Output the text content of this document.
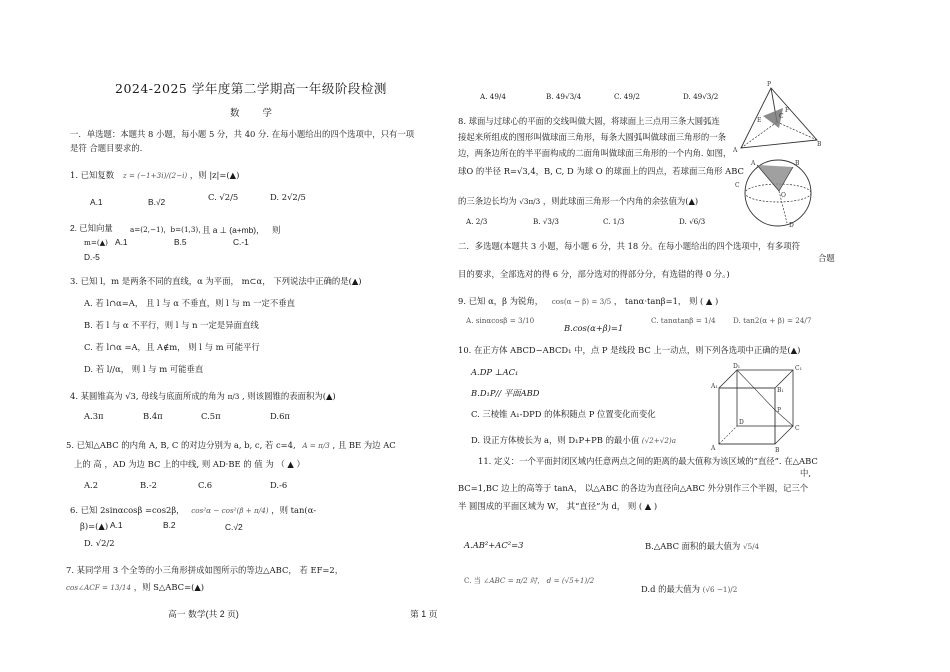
2024-2025 学年度第二学期高一年级阶段检测
数 学
一．单选题：本题共 8 小题，每小题 5 分，共 40 分. 在每小题给出的四个选项中，只有一项
是符 合题目要求的.
1. 已知复数 z = (−1+3i)/(2−i) ，则 |z|=(▲)
A.1	B.√2	C. √2/5	D. 2√2/5
2. 已知向量 a=(2,−1)，b=(1,3)，
且 a ⊥ (a+mb)， 则
m=(▲) A.1	B.5	C.-1
D.-5
3. 已知 l，m 是两条不同的直线，α 为平面， m⊂α， 下列说法中正确的是(▲)
A. 若 l∩α=A， 且 l 与 α 不垂直，则 l 与 m 一定不垂直
B. 若 l 与 α 不平行，则 l 与 n 一定是异面直线
C. 若 l∩α =A，且 A∉m， 则 l 与 m 可能平行
D. 若 l//α， 则 l 与 m 可能垂直
4. 某圆锥高为 √3, 母线与底面所成的角为 π/3 , 则该圆锥的表面积为(▲)
A.3π	B.4π	C.5π	D.6π
5. 已知△ABC 的内角 A, B, C 的对边分别为 a, b, c, 若 c=4, A = π/3 , 且 BE 为边 AC
上的 高 ，AD 为边 BC 上的中线, 则 AD·BE 的 值 为 （ ▲ ）
A.2	B.-2	C.6	D.-6
6. 已知 2sinαcosβ =cos2β， cos²α − cos²(β + π/4) ，则 tan(α-
β)=(▲) A.1	B.2	C.√2
D. √2/2
7. 某同学用 3 个全等的小三角形拼成如图所示的等边△ABC， 若 EF=2，
cos∠ACF = 13/14 ，则 S△ABC=(▲)
高一 数学(共 2 页)
A. 49/4	B. 49√3/4	C. 49/2	D. 49√3/2
8. 球面与过球心的平面的交线叫做大圆，将球面上三点用三条大圆弧连
接起来所组成的图形叫做球面三角形，每条大圆弧叫做球面三角形的一条
边，两条边所在的半平面构成的二面角叫做球面三角形的一个内角. 如图，
球O 的半径 R=√3,4，B, C, D 为球 O 的球面上的四点，若球面三角形 ABC
的三条边长均为 √3π/3 ，则此球面三角形一个内角的余弦值为(▲)
A. 2/3	B. √3/3	C. 1/3	D. √6/3
二．多选题(本题共 3 小题，每小题 6 分，共 18 分。在每小题给出的四个选项中，有多项符
合题
目的要求，全部选对的得 6 分，部分选对的得部分分，有选错的得 0 分。)
9. 已知 α，β 为锐角， cos(α − β) = 3/5 ， tanα·tanβ=1， 则 ( ▲ )
A. sinαcosβ = 3/10
B.cos(α+β)=1
C. tanαtanβ = 1/4 D. tan2(α + β) = 24/7
10. 在正方体 ABCD−ABCD₁ 中，点 P 是线段 BC 上一动点，则下列各选项中正确的是(▲)
A.DP ⊥AC₁
B.D₁P// 平面ABD
C. 三棱锥 A₁-DPD 的体积随点 P 位置变化而变化
D. 设正方体棱长为 a，则 D₁P+PB 的最小值 (√2+√2)a
11. 定义：一个平面封闭区域内任意两点之间的距离的最大值称为该区域的“直径”. 在△ABC
中,
BC=1,BC 边上的高等于 tanA， 以△ABC 的各边为直径向△ABC 外分别作三个半圆，记三个
半 圆围成的平面区域为 W， 其“直径”为 d， 则 ( ▲ )
A.AB²+AC²=3	B.△ABC 面积的最大值为 √5/4
C. 当 ∠ABC = π/2 时， d = (√5+1)/2
D.d 的最大值为 (√6 −1)/2
第 1 页
P
A
B
C
E
F
A	B
C
O
D
D₁	C₁
A₁
B₁
P
D
C
A	B
